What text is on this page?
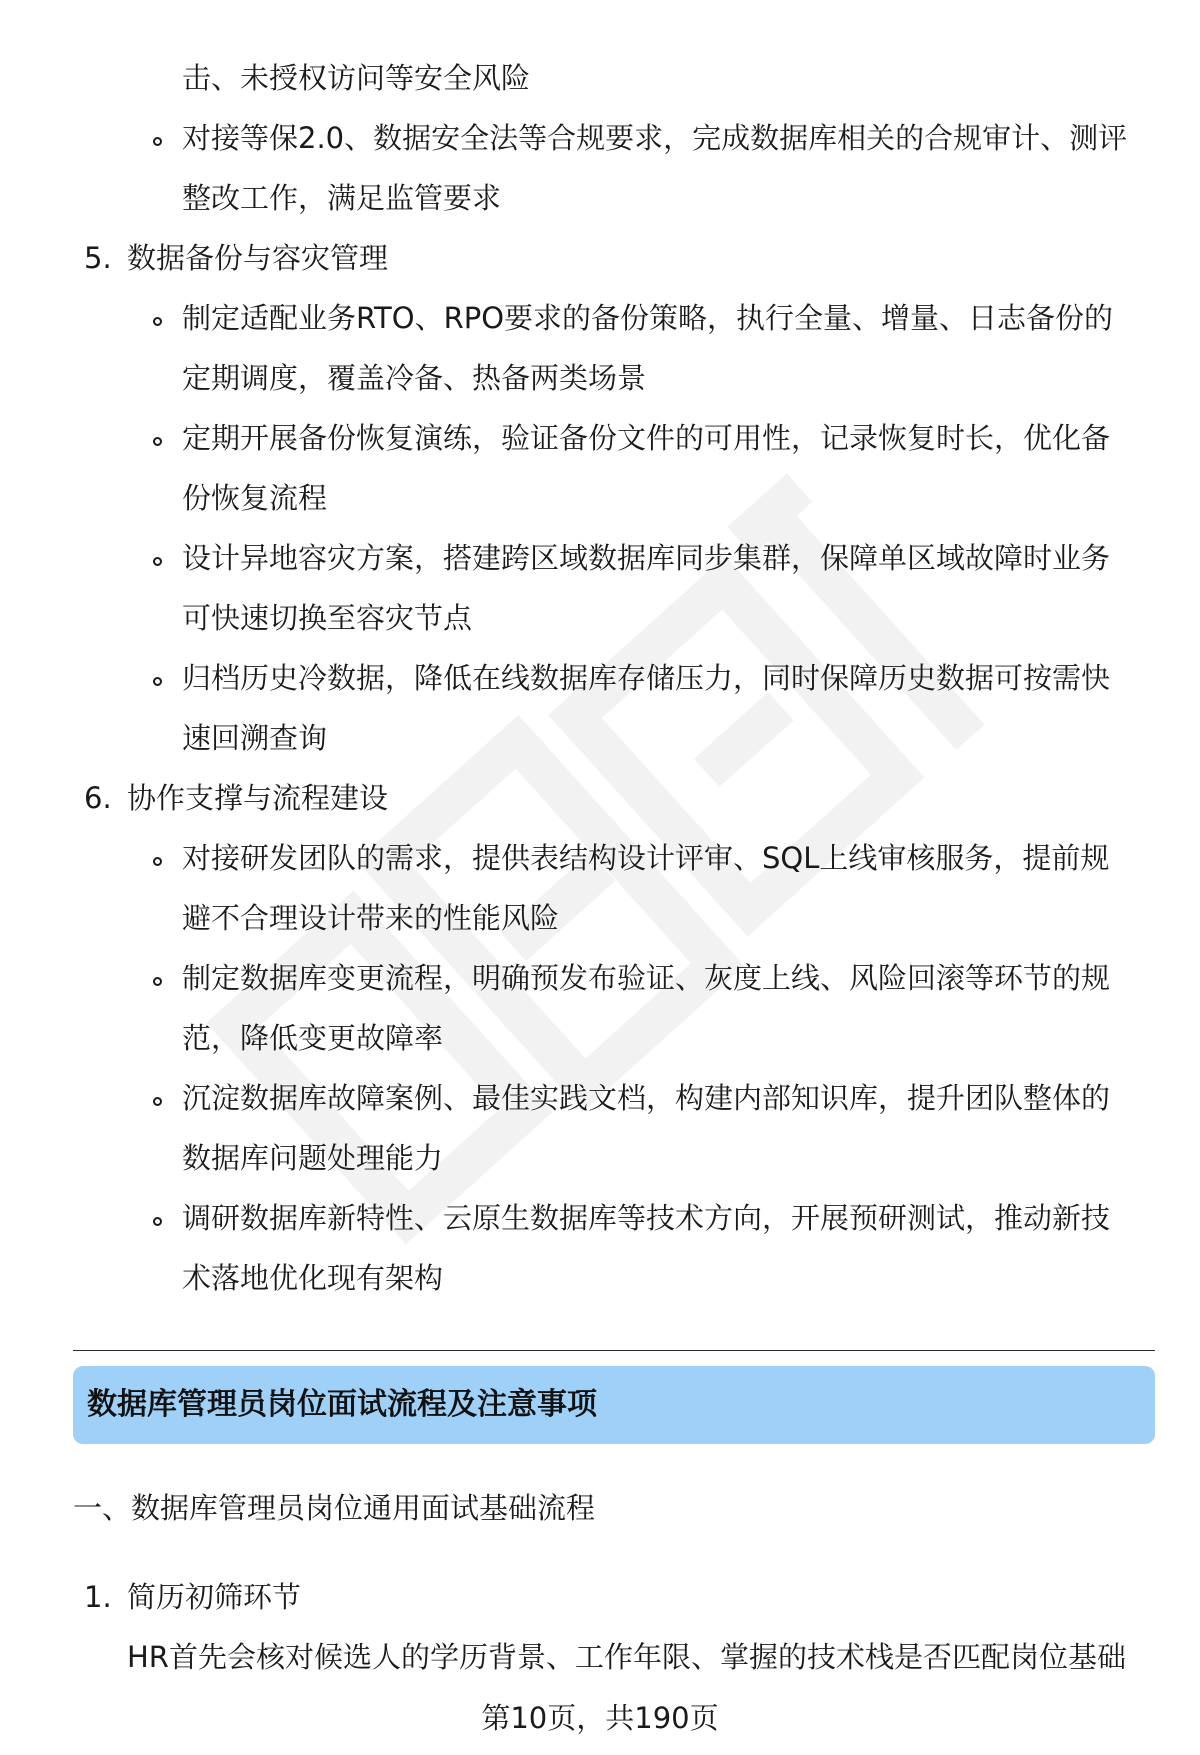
击、未授权访问等安全风险
对接等保2.0、数据安全法等合规要求，完成数据库相关的合规审计、测评
整改工作，满足监管要求
5. 数据备份与容灾管理
制定适配业务RTO、RPO要求的备份策略，执行全量、增量、日志备份的
定期调度，覆盖冷备、热备两类场景
定期开展备份恢复演练，验证备份文件的可用性，记录恢复时长，优化备
份恢复流程
设计异地容灾方案，搭建跨区域数据库同步集群，保障单区域故障时业务
可快速切换至容灾节点
归档历史冷数据，降低在线数据库存储压力，同时保障历史数据可按需快
速回溯查询
6. 协作支撑与流程建设
对接研发团队的需求，提供表结构设计评审、SQL上线审核服务，提前规
避不合理设计带来的性能风险
制定数据库变更流程，明确预发布验证、灰度上线、风险回滚等环节的规
范，降低变更故障率
沉淀数据库故障案例、最佳实践文档，构建内部知识库，提升团队整体的
数据库问题处理能力
调研数据库新特性、云原生数据库等技术方向，开展预研测试，推动新技
术落地优化现有架构
数据库管理员岗位面试流程及注意事项
一、数据库管理员岗位通用面试基础流程
1. 简历初筛环节
HR首先会核对候选人的学历背景、工作年限、掌握的技术栈是否匹配岗位基础
第10页，共190页
